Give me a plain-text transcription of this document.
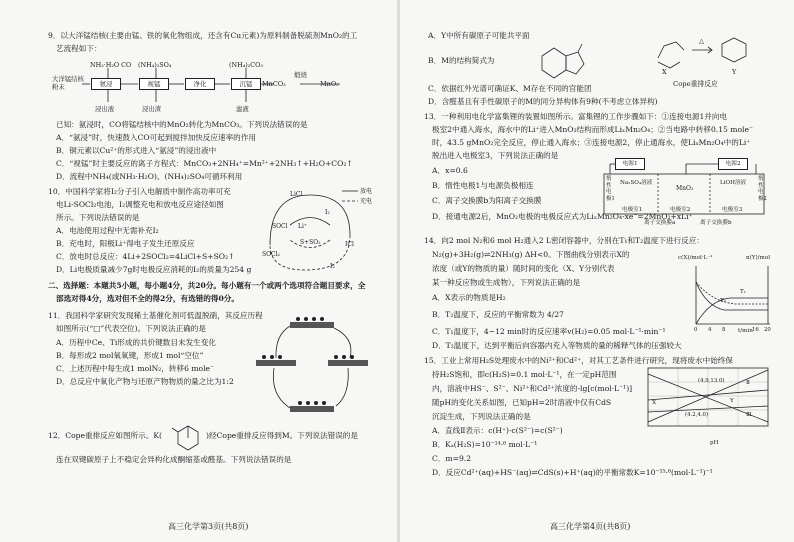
9．以大洋锰结核(主要由锰、铁的氧化物组成，还含有Cu元素)为原料制备脱硫剂MnO₂的工
艺流程如下：
大洋锰结核粉末	氨浸	视锰	净化	沉锰	MnCO₃
煅烧
MnO₂
NH₃·H₂O CO (NH₄)₂SO₄	(NH₄)₂CO₃
浸出液	浸出渣	滤液
已知：氨浸时，CO将锰结核中的MnO₂转化为MnCO₃。下列说法错误的是
A．“氨浸”时，快速鼓入CO可起到搅拌加快反应速率的作用
B．铜元素以Cu²⁺的形式进入“氨浸”的浸出液中
C．“视锰”时主要反应的离子方程式：MnCO₃+2NH₄⁺=Mn²⁺+2NH₃↑+H₂O+CO₂↑
D．流程中NH₄(或NH₃·H₂O)、(NH₄)₂SO₄可循环利用
10．中国科学家将I₂分子引入电解质中制作高功率可充
电Li-SOCl₂电池，I₂调整充电和放电反应途径如图
所示。下列说法错误的是
A．电池使用过程中无需补充I₂
B．充电时，阳极Li⁺得电子发生还原反应
C．放电时总反应：4Li+2SOCl₂=4LiCl+S+SO₂↑
D．Li电极质量减少7g时电极反应消耗的I₂的质量为254 g
放电
充电
LiCl
I₂
SOCl
S+SO₂
Li⁺
ICl
SOCl₂
I₂
二、选择题：本题共5小题，每小题4分，共20分。每小题有一个或两个选项符合题目要求，全
部选对得4分，选对但不全的得2分，有选错的得0分。
11．我国科学家研究发现稀土基催化剂可低温脱硝，其反应历程
如图所示(“□”代表空位)。下列说法正确的是
A．历程中Ce、Ti形成的共价键数目未发生变化
B．每形成2 mol氧氧键，形成1 mol“空位”
C．上述历程中每生成1 molN₂，转移6 mole⁻
D．总反应中氧化产物与还原产物物质的量之比为1:2
12．Cope重排反应如图所示。K(	)经Cope重排反应得到M。下列说法错误的是
连在双键碳原子上不稳定会异构化成酮缩基或醛基。下列说法错误的是
高三化学第3页(共8页)
A．Y中所有碳原子可能共平面
B．M的结构简式为
C．依据红外光谱可确证K、M存在不同的官能团
D．含醛基且有手性碳原子的M的同分异构体有9种(不考虑立体异构)
X	Y
△
Cope重排反应
13．一种利用电化学富集锂的装置如图所示。富集锂的工作步骤如下：①连接电源1并向电
极室2中通入海水，海水中的Li⁺进入MnO₂结构而形成LiₓMn₂O₄；②当电路中转移0.15 mole⁻
时，43.5 gMnO₂完全反应，停止通入海水；③连接电源2，停止通海水，使LiₓMn₂O₄中的Li⁺
脱出进入电极室3，下列说法正确的是
A．x=0.6
B．惰性电极1与电源负极相连
C．离子交换膜b为阳离子交换膜
D．接通电源2后，MnO₂电极的电极反应式为LiₓMn₂O₄-xe⁻=2MnO₂+xLi⁺
电源1	电源2
惰性电极1
Na₂SO₄溶液
MnO₂
LiOH溶液
惰性电极2
电极室1	电极室2	电极室3
离子交换膜a	离子交换膜b
14．向2 mol N₂和6 mol H₂通入2 L密闭容器中，分别在T₁和T₂温度下进行反应：
N₂(g)+3H₂(g)⇌2NH₃(g) ΔH<0。下图曲线分别表示X的
浓度（或Y的物质的量）随时间的变化（X、Y分别代表
某一种反应物或生成物），下列说法正确的是
A．X表示的物质是H₂
B．T₂温度下，反应的平衡常数为 4/27
C．T₁温度下，4~12 min时的反应速率v(H₂)=0.05 mol·L⁻¹·min⁻¹
D．T₂温度下，达到平衡后向容器内充入等物质的量的稀释气体的压强较大
c(X)/mol·L⁻¹	n(Y)/mol
t/min
0 4 8	16 20
T₂
T₁
15．工业上常用H₂S处理废水中的Ni²⁺和Cd²⁺，对其工艺条件进行研究，现将废水中始终保
持H₂S饱和，即c(H₂S)=0.1 mol·L⁻¹，在一定pH范围
内，溶液中HS⁻、S²⁻、Ni²⁺和Cd²⁺浓度的-lg[c(mol·L⁻¹)]
随pH的变化关系如图，已知pH=2时溶液中仅有CdS
沉淀生成，下列说法正确的是
A．直线Ⅱ表示：c(H⁺)·c(S²⁻)=c(S²⁻)
B．Kₐ(H₂S)=10⁻¹⁴·⁶ mol·L⁻¹
C．m=9.2
D．反应Cd²⁺(aq)+HS⁻(aq)⇌CdS(s)+H⁺(aq)的平衡常数K=10⁻¹⁵·⁶(mol·L⁻¹)⁻¹
(4.9,13.0)
(4.2,4.0)
X	Y
Ⅱ
Ⅲ
pH
高三化学第4页(共8页)
